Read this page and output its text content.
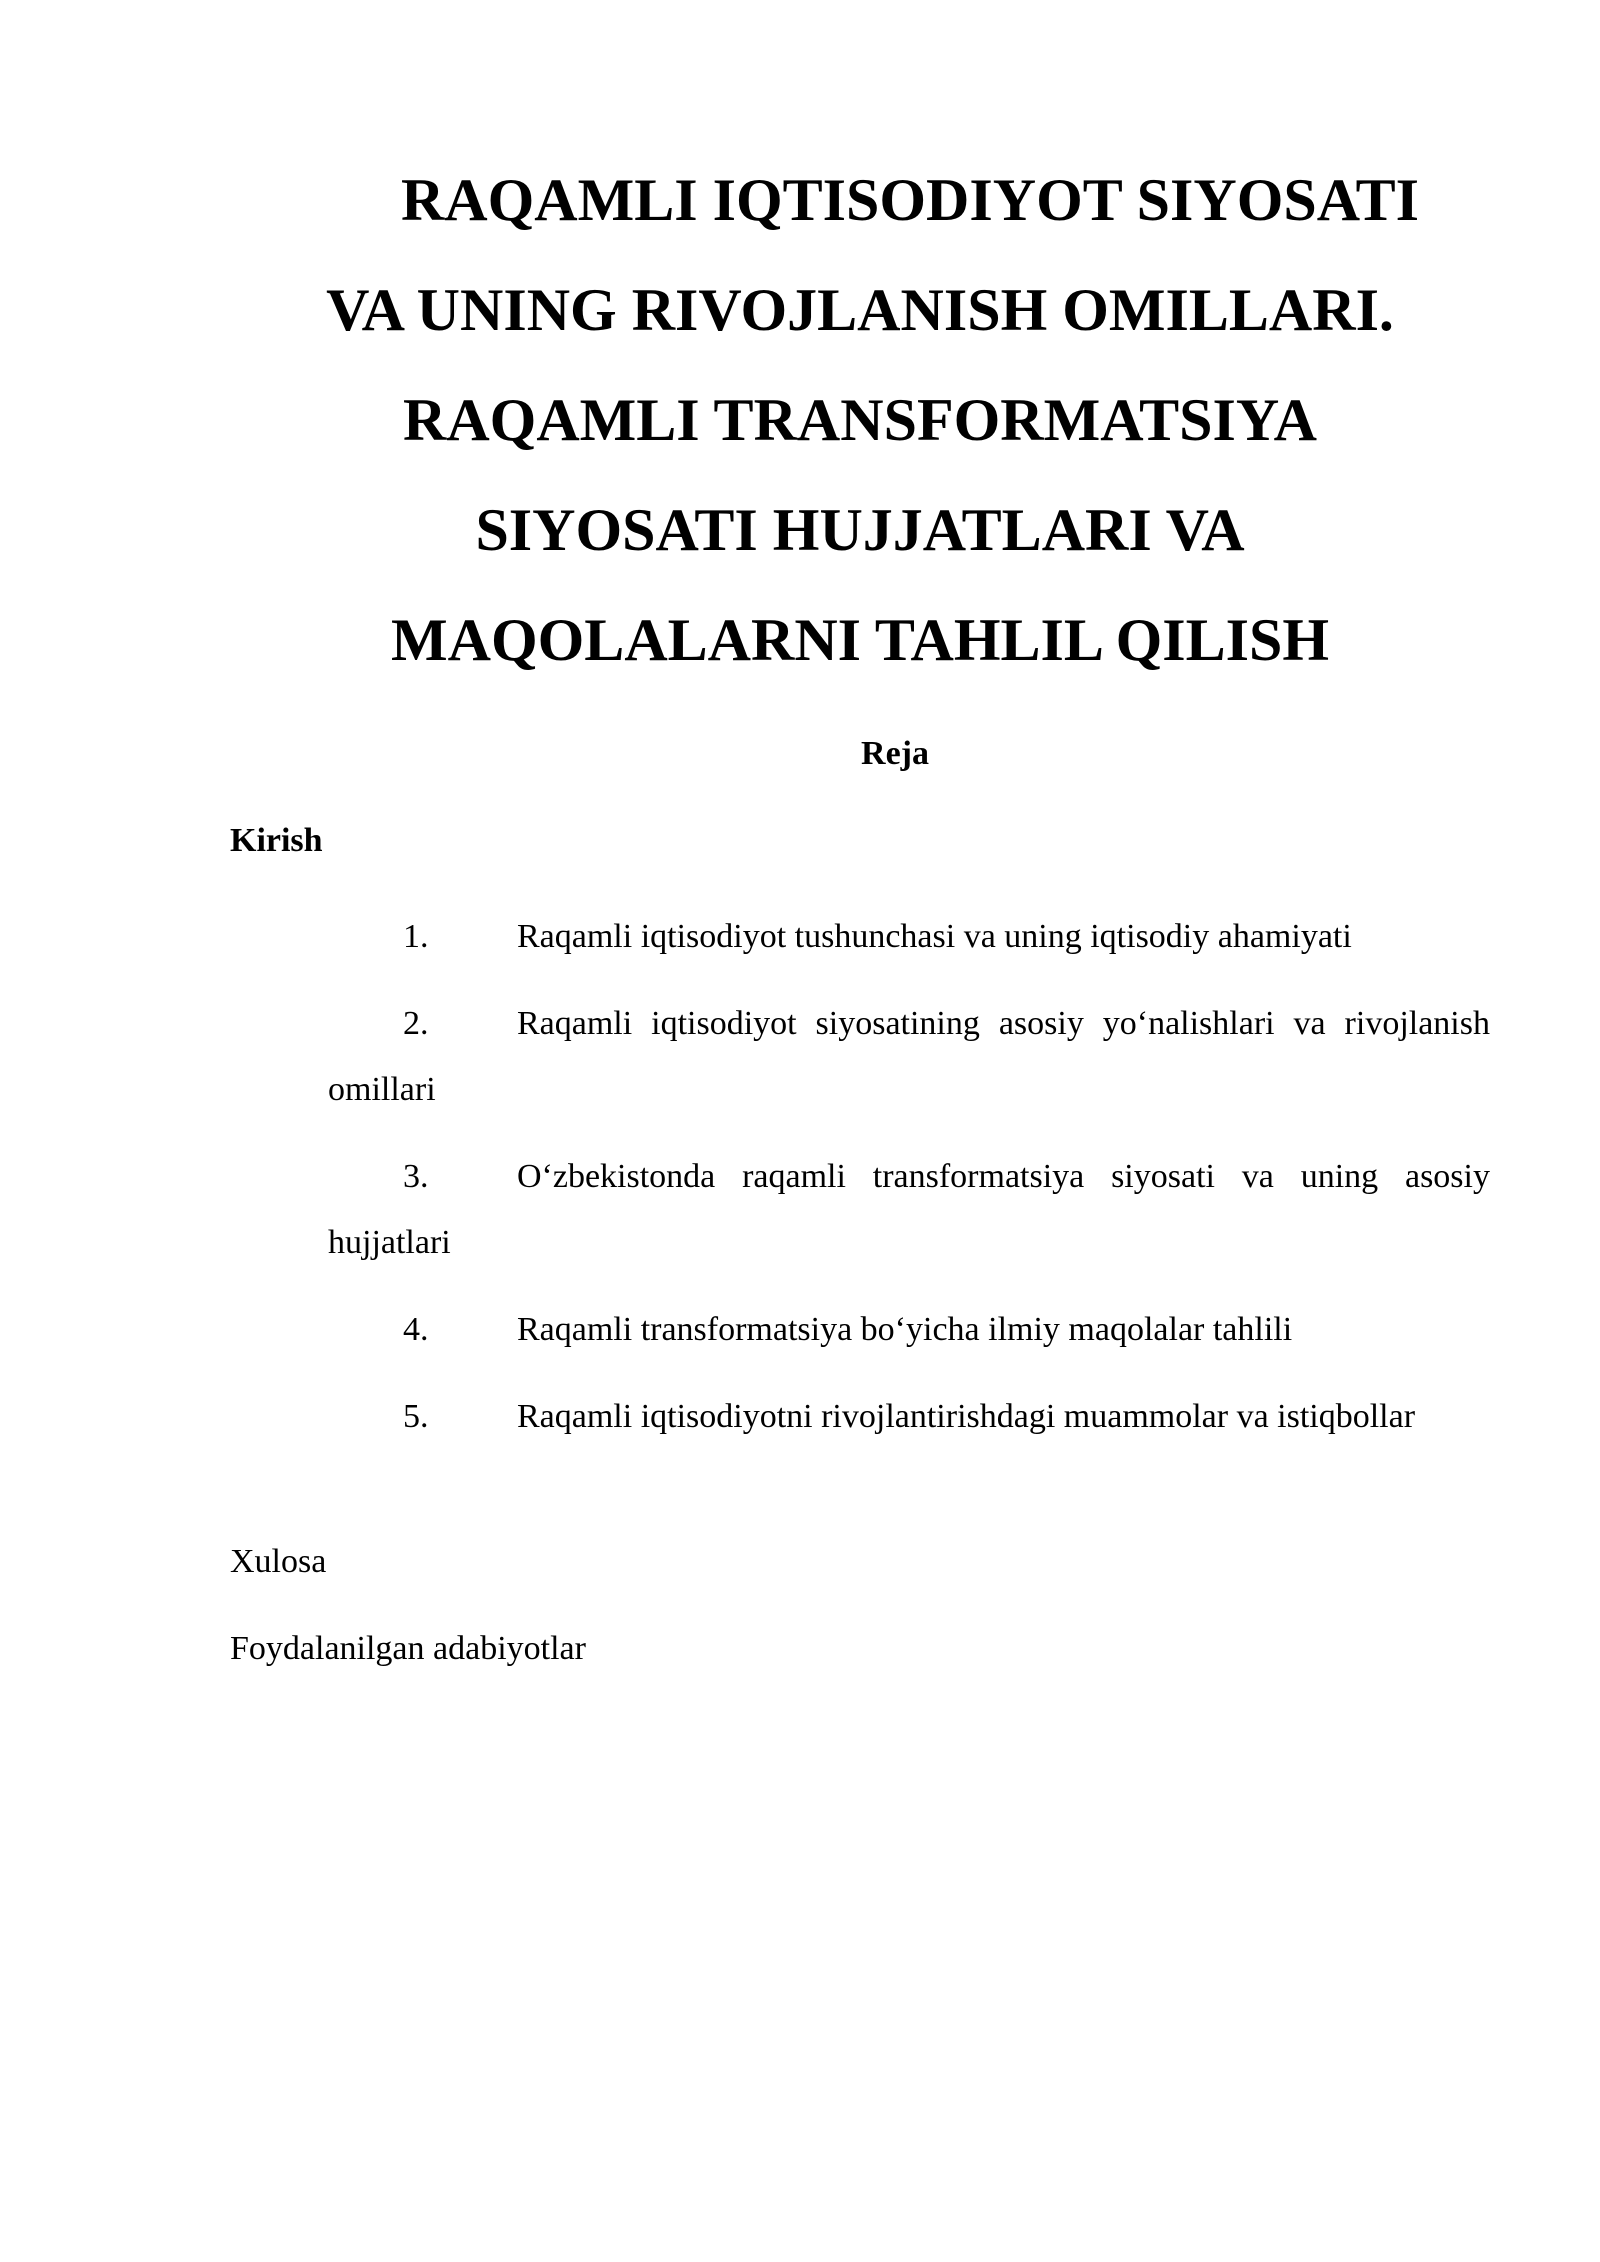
RAQAMLI IQTISODIYOT SIYOSATI
VA UNING RIVOJLANISH OMILLARI.
RAQAMLI TRANSFORMATSIYA
SIYOSATI HUJJATLARI VA
MAQOLALARNI TAHLIL QILISH

Reja

Kirish

1.	Raqamli iqtisodiyot tushunchasi va uning iqtisodiy ahamiyati
2.	Raqamli iqtisodiyot siyosatining asosiy yo‘nalishlari va rivojlanish omillari
3.	O‘zbekistonda raqamli transformatsiya siyosati va uning asosiy hujjatlari
4.	Raqamli transformatsiya bo‘yicha ilmiy maqolalar tahlili
5.	Raqamli iqtisodiyotni rivojlantirishdagi muammolar va istiqbollar

Xulosa

Foydalanilgan adabiyotlar
